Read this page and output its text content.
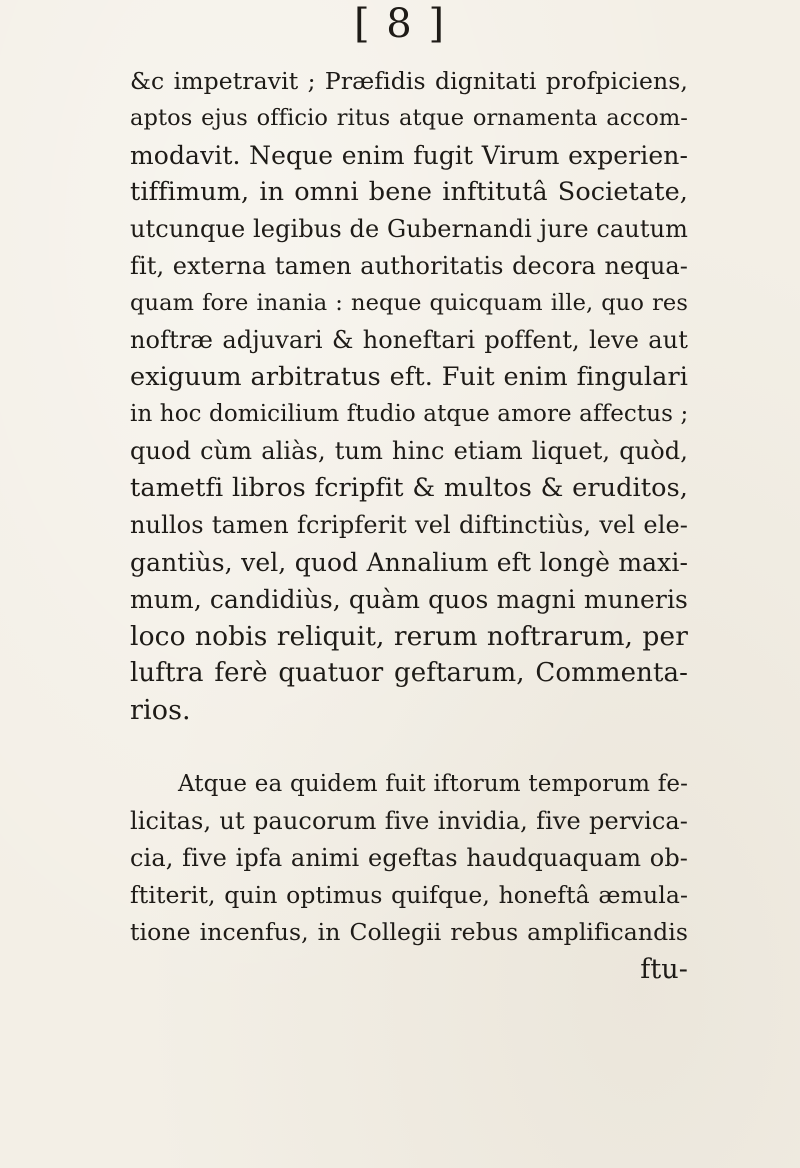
[ 8 ]
&c impetravit ; Præfidis dignitati profpiciens,
aptos ejus officio ritus atque ornamenta accom-
modavit. Neque enim fugit Virum experien-
tiffimum, in omni bene inftitutâ Societate,
utcunque legibus de Gubernandi jure cautum
fit, externa tamen authoritatis decora nequa-
quam fore inania : neque quicquam ille, quo res
noftræ adjuvari & honeftari poffent, leve aut
exiguum arbitratus eft. Fuit enim fingulari
in hoc domicilium ftudio atque amore affectus ;
quod cùm aliàs, tum hinc etiam liquet, quòd,
tametfi libros fcripfit & multos & eruditos,
nullos tamen fcripferit vel diftinctiùs, vel ele-
gantiùs, vel, quod Annalium eft longè maxi-
mum, candidiùs, quàm quos magni muneris
loco nobis reliquit, rerum noftrarum, per
luftra ferè quatuor geftarum, Commenta-
rios.
Atque ea quidem fuit iftorum temporum fe-
licitas, ut paucorum five invidia, five pervica-
cia, five ipfa animi egeftas haudquaquam ob-
ftiterit, quin optimus quifque, honeftâ æmula-
tione incenfus, in Collegii rebus amplificandis
ftu-
